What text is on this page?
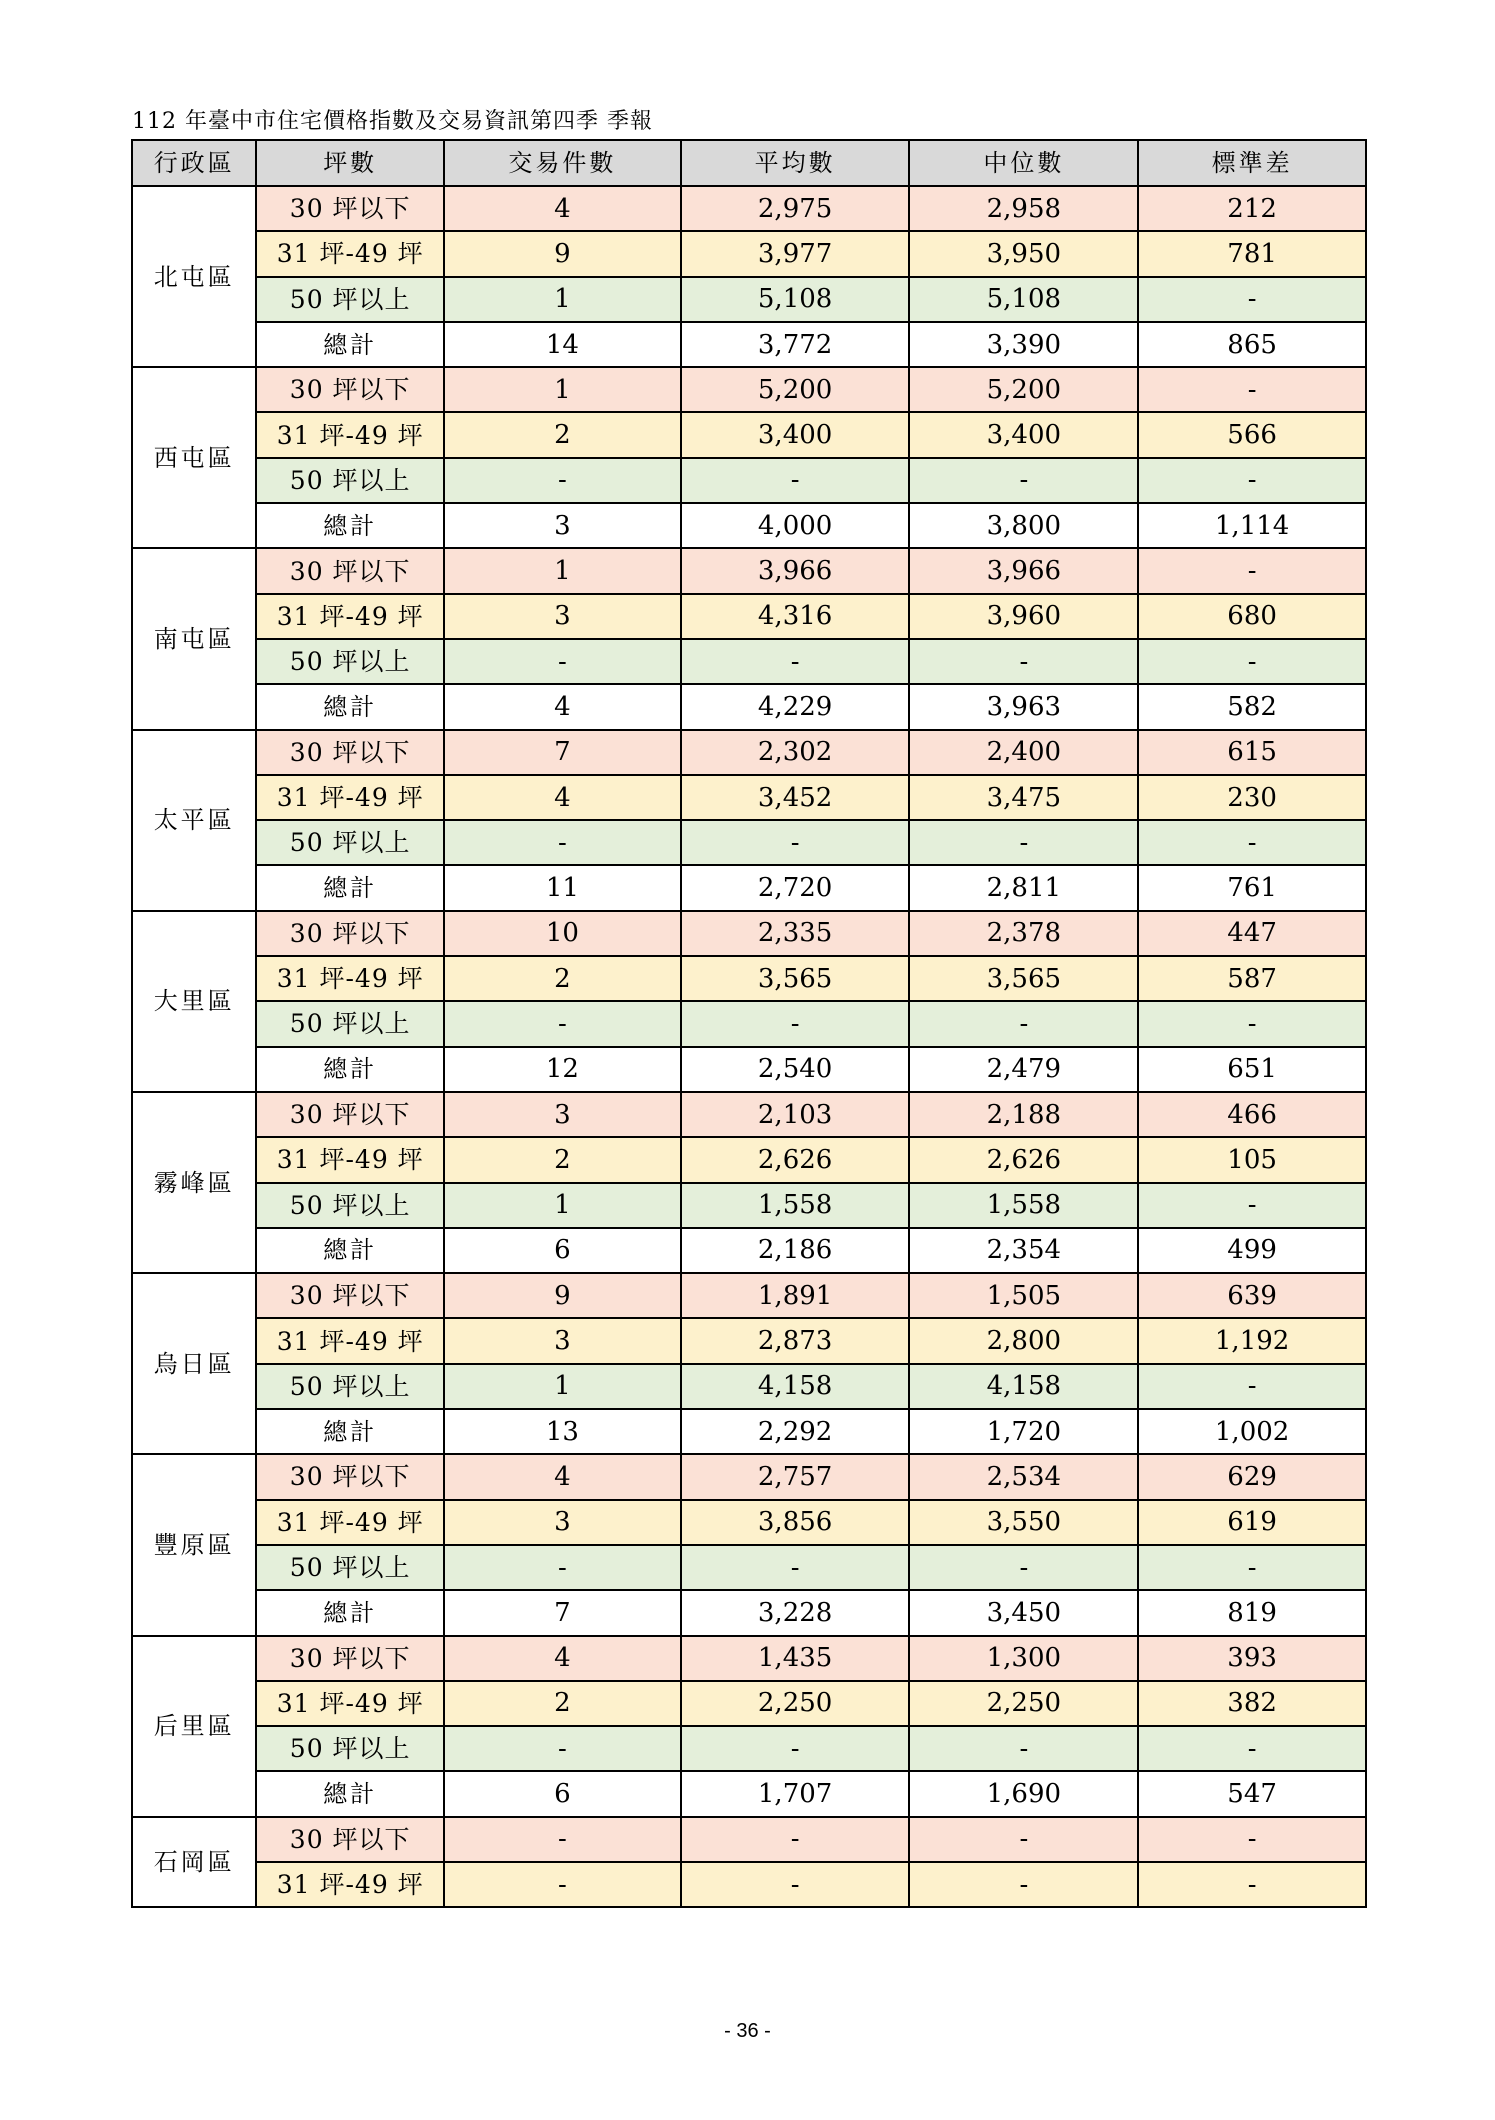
112 年臺中市住宅價格指數及交易資訊第四季 季報
行政區	坪數	交易件數	平均數	中位數	標準差
北屯區	30 坪以下	4	2,975	2,958	212
	31 坪-49 坪	9	3,977	3,950	781
	50 坪以上	1	5,108	5,108	-
	總計	14	3,772	3,390	865
西屯區	30 坪以下	1	5,200	5,200	-
	31 坪-49 坪	2	3,400	3,400	566
	50 坪以上	-	-	-	-
	總計	3	4,000	3,800	1,114
南屯區	30 坪以下	1	3,966	3,966	-
	31 坪-49 坪	3	4,316	3,960	680
	50 坪以上	-	-	-	-
	總計	4	4,229	3,963	582
太平區	30 坪以下	7	2,302	2,400	615
	31 坪-49 坪	4	3,452	3,475	230
	50 坪以上	-	-	-	-
	總計	11	2,720	2,811	761
大里區	30 坪以下	10	2,335	2,378	447
	31 坪-49 坪	2	3,565	3,565	587
	50 坪以上	-	-	-	-
	總計	12	2,540	2,479	651
霧峰區	30 坪以下	3	2,103	2,188	466
	31 坪-49 坪	2	2,626	2,626	105
	50 坪以上	1	1,558	1,558	-
	總計	6	2,186	2,354	499
烏日區	30 坪以下	9	1,891	1,505	639
	31 坪-49 坪	3	2,873	2,800	1,192
	50 坪以上	1	4,158	4,158	-
	總計	13	2,292	1,720	1,002
豐原區	30 坪以下	4	2,757	2,534	629
	31 坪-49 坪	3	3,856	3,550	619
	50 坪以上	-	-	-	-
	總計	7	3,228	3,450	819
后里區	30 坪以下	4	1,435	1,300	393
	31 坪-49 坪	2	2,250	2,250	382
	50 坪以上	-	-	-	-
	總計	6	1,707	1,690	547
石岡區	30 坪以下	-	-	-	-
	31 坪-49 坪	-	-	-	-
- 36 -
